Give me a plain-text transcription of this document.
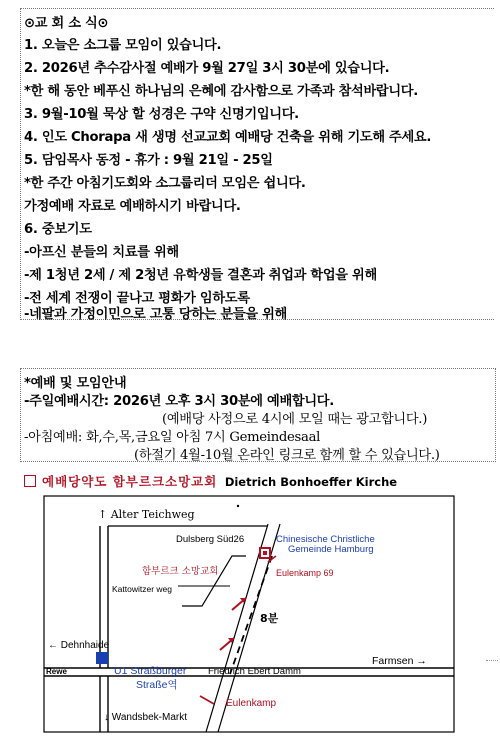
⊙교 회 소 식⊙
1. 오늘은 소그룹 모임이 있습니다.
2. 2026년 추수감사절 예배가 9월 27일 3시 30분에 있습니다.
*한 해 동안 베푸신 하나님의 은혜에 감사함으로 가족과 참석바랍니다.
3. 9월-10월 묵상 할 성경은 구약 신명기입니다.
4. 인도 Chorapa 새 생명 선교교회 예배당 건축을 위해 기도해 주세요.
5. 담임목사 동정 - 휴가 : 9월 21일 - 25일
*한 주간 아침기도회와 소그룹리더 모임은 쉽니다.
가정예배 자료로 예배하시기 바랍니다.
6. 중보기도
-아프신 분들의 치료를 위해
-제 1청년 2세 / 제 2청년 유학생들 결혼과 취업과 학업을 위해
-전 세계 전쟁이 끝나고 평화가 임하도록
-네팔과 가정이민으로 고통 당하는 분들을 위해
*예배 및 모임안내
-주일예배시간: 2026년 오후 3시 30분에 예배합니다.
(예배당 사정으로 4시에 모일 때는 광고합니다.)
-아침예배: 화,수,목,금요일 아침 7시 Gemeindesaal
(하절기 4월-10월 온라인 링크로 함께 할 수 있습니다.)
예배당약도 함부르크소망교회 Dietrich Bonhoeffer Kirche
↑ Alter Teichweg
Dulsberg Süd26	Chinesische Christliche
Gemeinde Hamburg
함부르크 소망교회	Eulenkamp 69
Kattowitzer weg
8분
← Dehnhaide
Rewe
Farmsen →
U1 Straßburger
Straße역
Friedrich Ebert Damm
Eulenkamp
↓ Wandsbek-Markt
